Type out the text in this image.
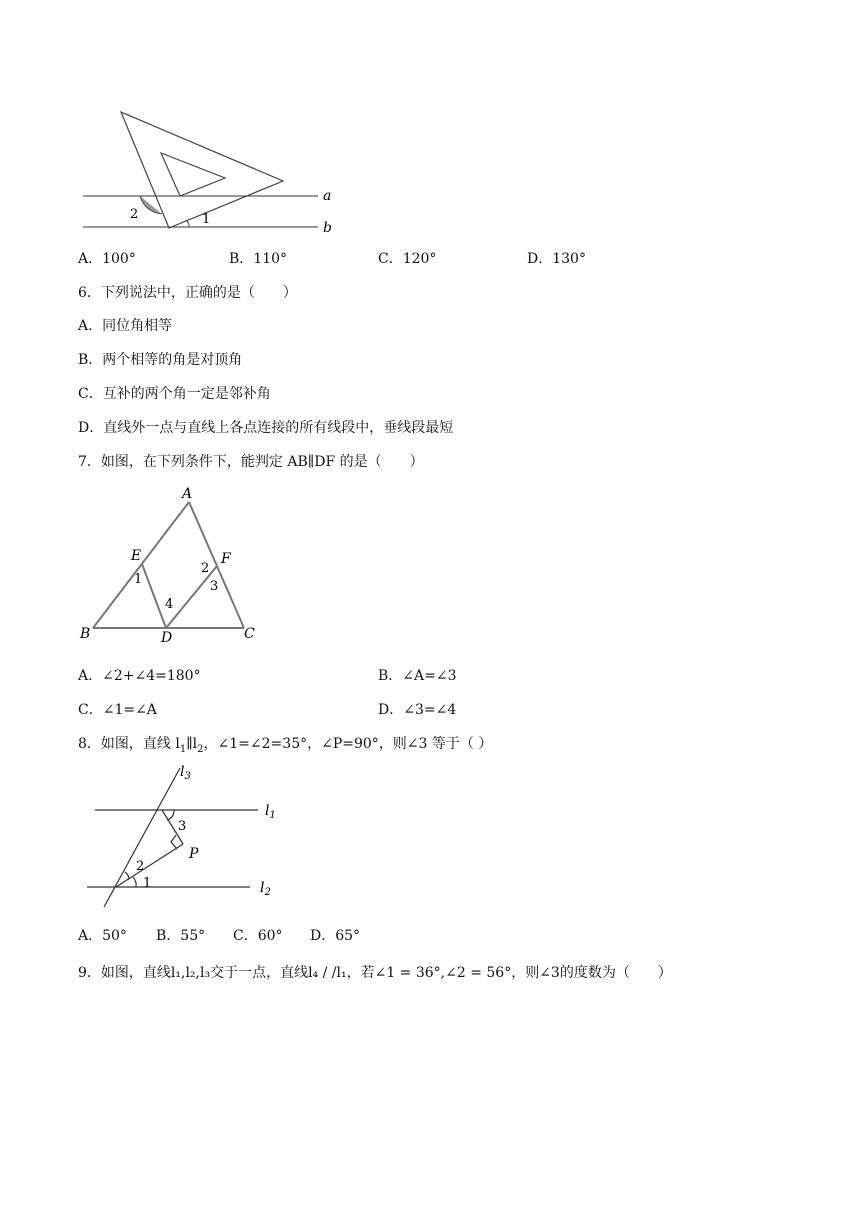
a
b
2	1
A．100°	B．110°	C．120°	D．130°
6．下列说法中，正确的是（　　）
A．同位角相等
B．两个相等的角是对顶角
C．互补的两个角一定是邻补角
D．直线外一点与直线上各点连接的所有线段中，垂线段最短
7．如图，在下列条件下，能判定 AB∥DF 的是（　　）
A
B	C
D
E	F
1
2
3
4
A．∠2+∠4=180°	B．∠A=∠3
C．∠1=∠A	D．∠3=∠4
8．如图，直线 $l_1\parallel l_2$，∠1=∠2=35°，∠P=90°，则∠3 等于（ ）
$l_3$
$l_1$
$l_2$
P
3
2
1
A．50° B．55° C．60° D．65°
9．如图，直线l₁,l₂,l₃交于一点，直线l₄ / /l₁，若∠1 = 36°,∠2 = 56°，则∠3的度数为（　　）
